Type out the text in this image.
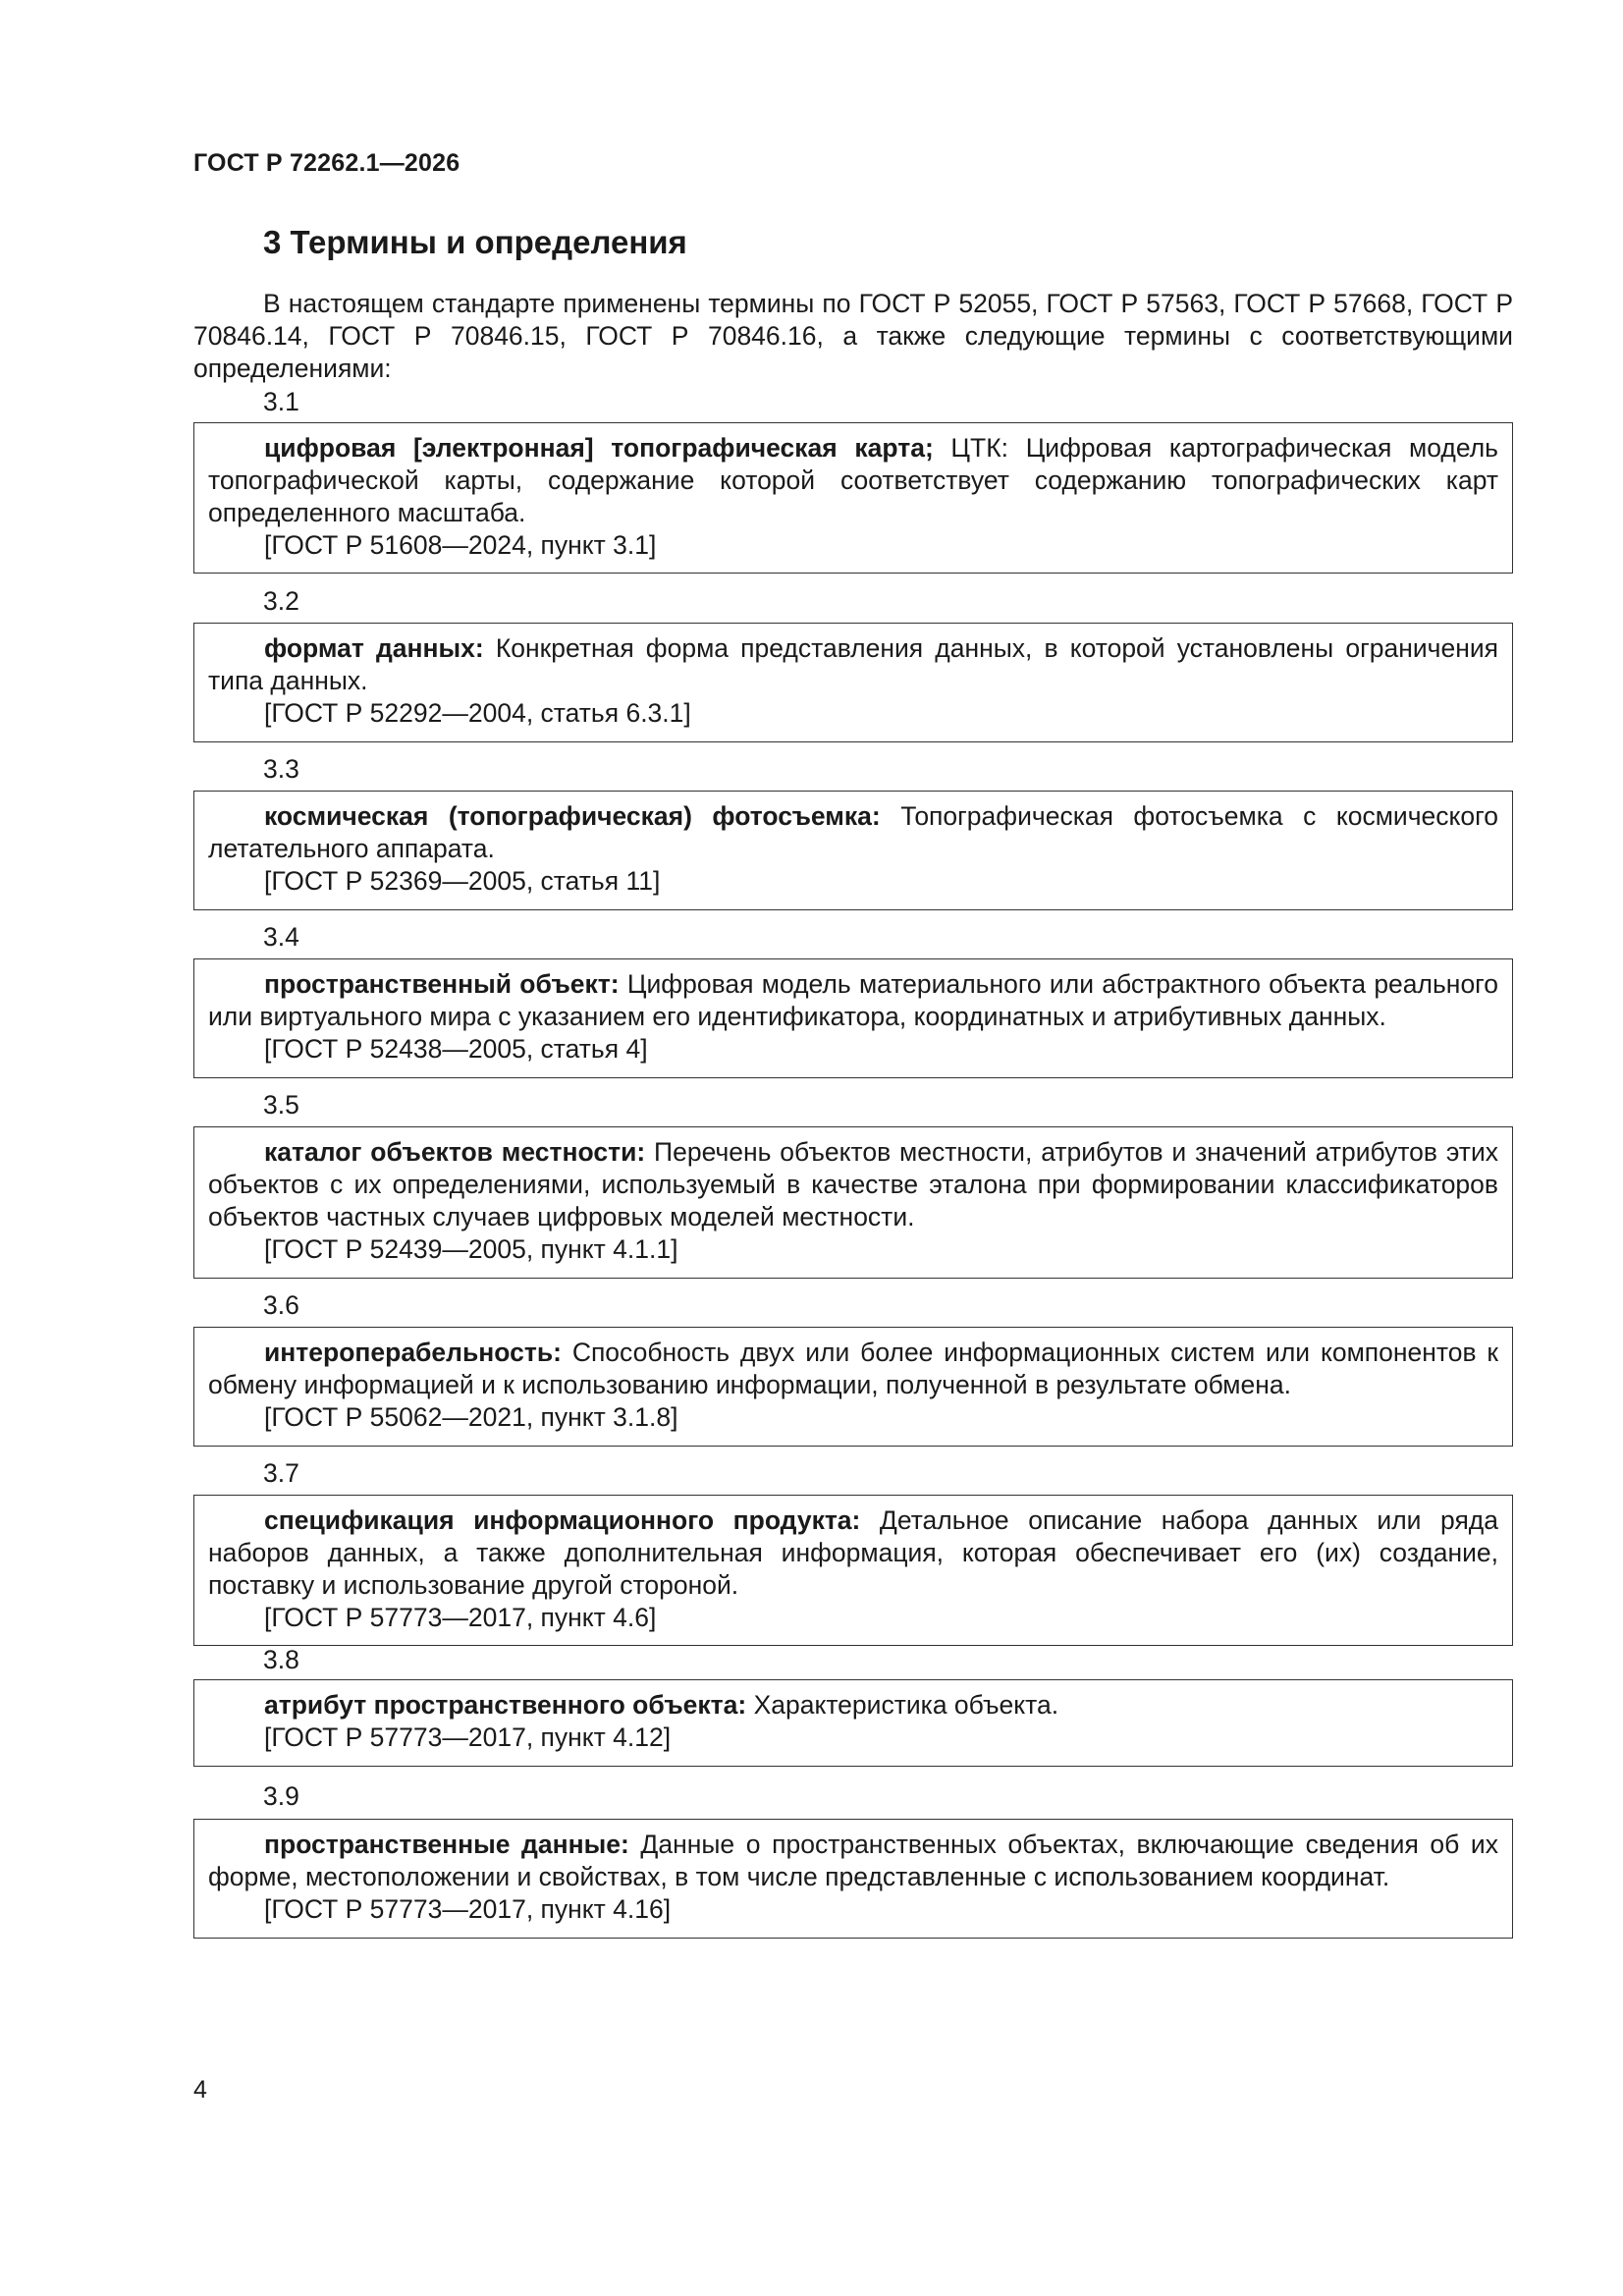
ГОСТ Р 72262.1—2026
3 Термины и определения

В настоящем стандарте применены термины по ГОСТ Р 52055, ГОСТ Р 57563, ГОСТ Р 57668, ГОСТ Р 70846.14, ГОСТ Р 70846.15, ГОСТ Р 70846.16, а также следующие термины с соответствующими определениями:

3.1

цифровая [электронная] топографическая карта; ЦТК: Цифровая картографическая модель топографической карты, содержание которой соответствует содержанию топографических карт определенного масштаба.

[ГОСТ Р 51608—2024, пункт 3.1]

3.2

формат данных: Конкретная форма представления данных, в которой установлены ограничения типа данных.

[ГОСТ Р 52292—2004, статья 6.3.1]

3.3

космическая (топографическая) фотосъемка: Топографическая фотосъемка с космического летательного аппарата.

[ГОСТ Р 52369—2005, статья 11]

3.4

пространственный объект: Цифровая модель материального или абстрактного объекта реального или виртуального мира с указанием его идентификатора, координатных и атрибутивных данных.

[ГОСТ Р 52438—2005, статья 4]

3.5

каталог объектов местности: Перечень объектов местности, атрибутов и значений атрибутов этих объектов с их определениями, используемый в качестве эталона при формировании классификаторов объектов частных случаев цифровых моделей местности.

[ГОСТ Р 52439—2005, пункт 4.1.1]

3.6

интероперабельность: Способность двух или более информационных систем или компонентов к обмену информацией и к использованию информации, полученной в результате обмена.

[ГОСТ Р 55062—2021, пункт 3.1.8]

3.7

спецификация информационного продукта: Детальное описание набора данных или ряда наборов данных, а также дополнительная информация, которая обеспечивает его (их) создание, поставку и использование другой стороной.

[ГОСТ Р 57773—2017, пункт 4.6]

3.8

атрибут пространственного объекта: Характеристика объекта.

[ГОСТ Р 57773—2017, пункт 4.12]

3.9

пространственные данные: Данные о пространственных объектах, включающие сведения об их форме, местоположении и свойствах, в том числе представленные с использованием координат.

[ГОСТ Р 57773—2017, пункт 4.16]

4
